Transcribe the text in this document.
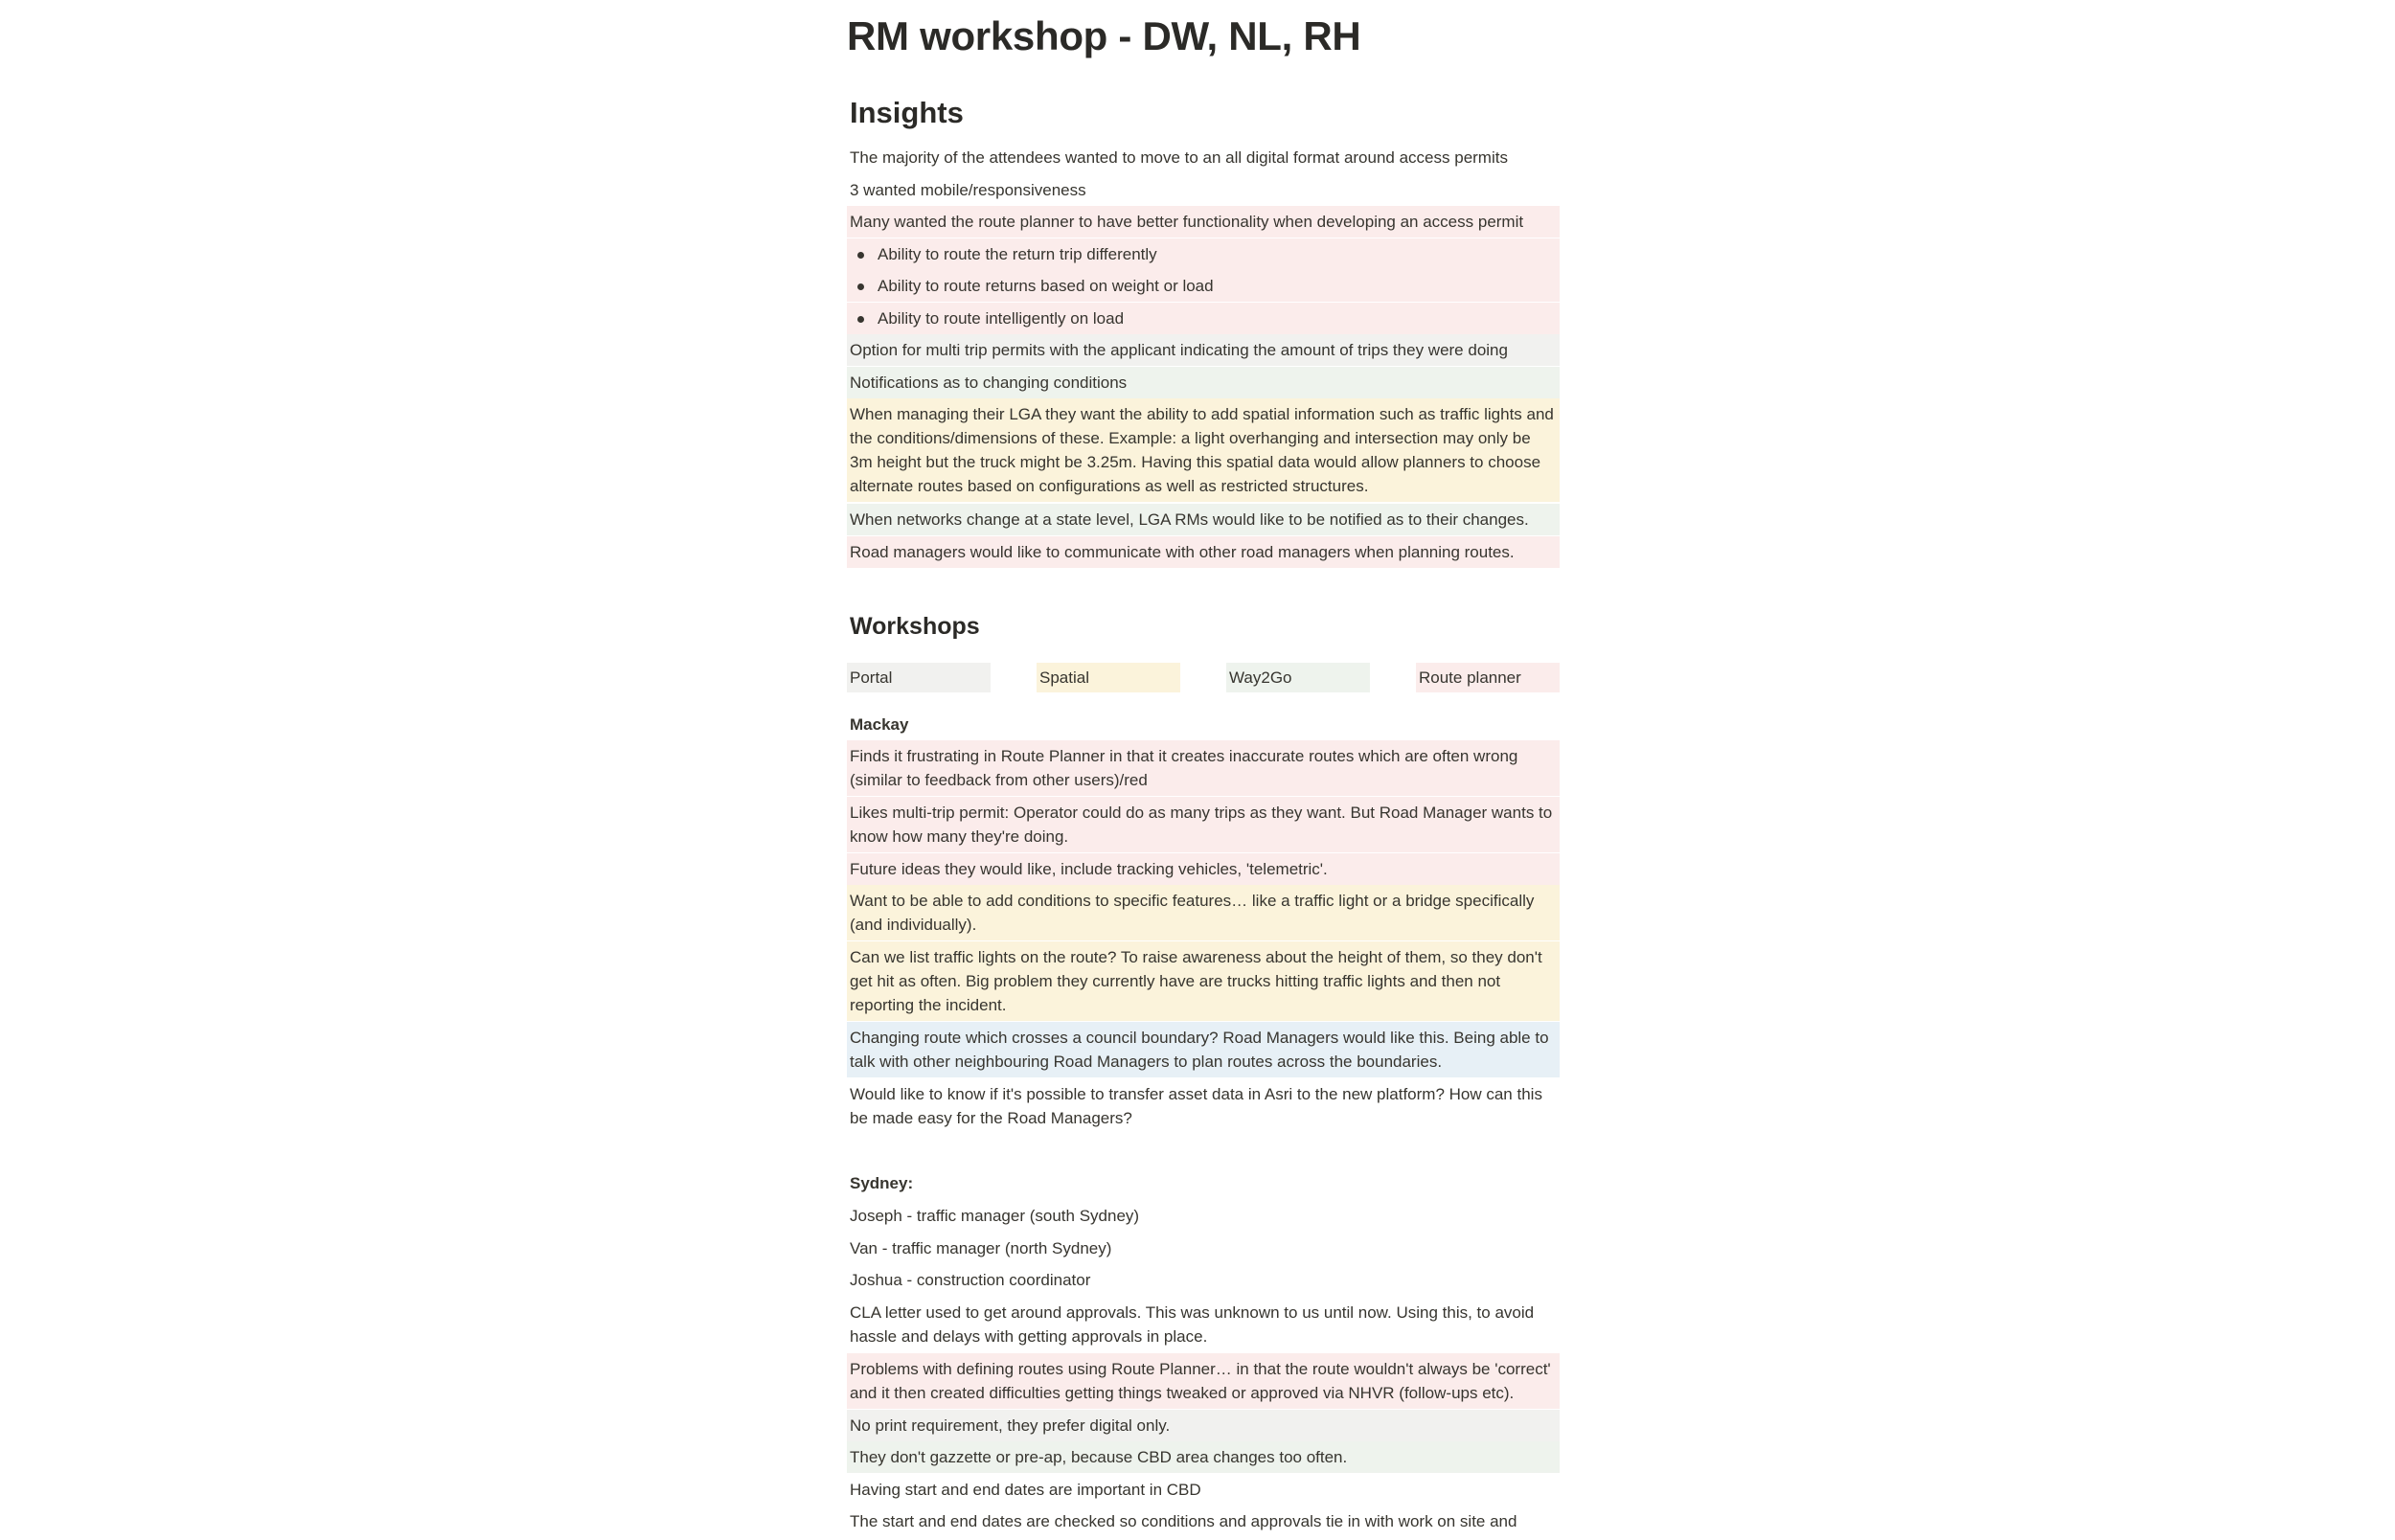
RM workshop - DW, NL, RH
Insights
The majority of the attendees wanted to move to an all digital format around access permits
3 wanted mobile/responsiveness
Many wanted the route planner to have better functionality when developing an access permit
Ability to route the return trip differently
Ability to route returns based on weight or load
Ability to route intelligently on load
Option for multi trip permits with the applicant indicating the amount of trips they were doing
Notifications as to changing conditions
When managing their LGA they want the ability to add spatial information such as traffic lights and the conditions/dimensions of these. Example: a light overhanging and intersection may only be 3m height but the truck might be 3.25m. Having this spatial data would allow planners to choose alternate routes based on configurations as well as restricted structures.
When networks change at a state level, LGA RMs would like to be notified as to their changes.
Road managers would like to communicate with other road managers when planning routes.
Workshops
Portal	Spatial	Way2Go	Route planner
Mackay
Finds it frustrating in Route Planner in that it creates inaccurate routes which are often wrong (similar to feedback from other users)/red
Likes multi-trip permit: Operator could do as many trips as they want. But Road Manager wants to know how many they're doing.
Future ideas they would like, include tracking vehicles, 'telemetric'.
Want to be able to add conditions to specific features… like a traffic light or a bridge specifically (and individually).
Can we list traffic lights on the route? To raise awareness about the height of them, so they don't get hit as often. Big problem they currently have are trucks hitting traffic lights and then not reporting the incident.
Changing route which crosses a council boundary? Road Managers would like this. Being able to talk with other neighbouring Road Managers to plan routes across the boundaries.
Would like to know if it's possible to transfer asset data in Asri to the new platform? How can this be made easy for the Road Managers?
Sydney:
Joseph - traffic manager (south Sydney)
Van - traffic manager (north Sydney)
Joshua - construction coordinator
CLA letter used to get around approvals. This was unknown to us until now. Using this, to avoid hassle and delays with getting approvals in place.
Problems with defining routes using Route Planner… in that the route wouldn't always be 'correct' and it then created difficulties getting things tweaked or approved via NHVR (follow-ups etc).
No print requirement, they prefer digital only.
They don't gazzette or pre-ap, because CBD area changes too often.
Having start and end dates are important in CBD
The start and end dates are checked so conditions and approvals tie in with work on site and
